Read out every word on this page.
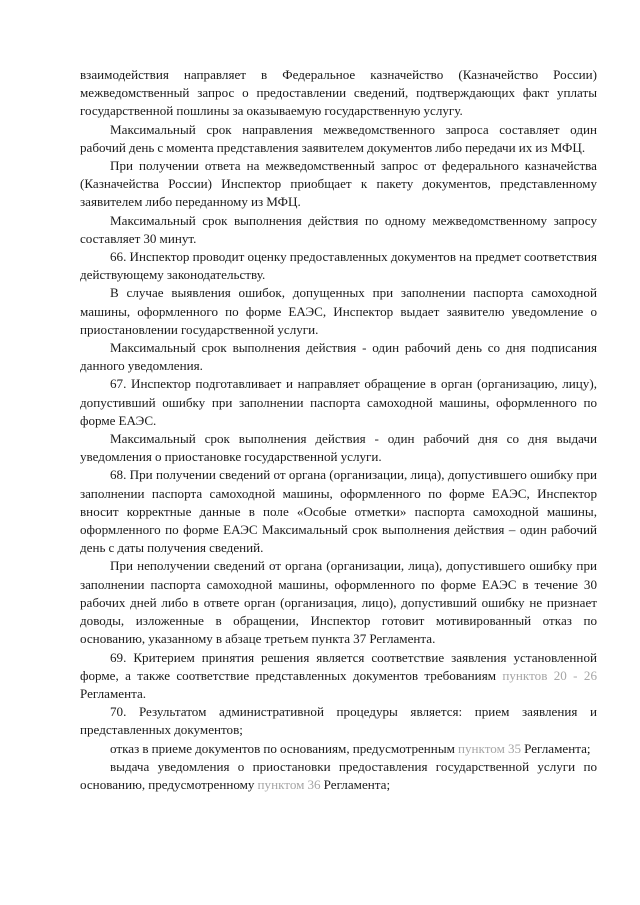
взаимодействия направляет в Федеральное казначейство (Казначейство России) межведомственный запрос о предоставлении сведений, подтверждающих факт уплаты государственной пошлины за оказываемую государственную услугу.

Максимальный срок направления межведомственного запроса составляет один рабочий день с момента представления заявителем документов либо передачи их из МФЦ.

При получении ответа на межведомственный запрос от федерального казначейства (Казначейства России) Инспектор приобщает к пакету документов, представленному заявителем либо переданному из МФЦ.

Максимальный срок выполнения действия по одному межведомственному запросу составляет 30 минут.

66. Инспектор проводит оценку предоставленных документов на предмет соответствия действующему законодательству.

В случае выявления ошибок, допущенных при заполнении паспорта самоходной машины, оформленного по форме ЕАЭС, Инспектор выдает заявителю уведомление о приостановлении государственной услуги.

Максимальный срок выполнения действия - один рабочий день со дня подписания данного уведомления.

67. Инспектор подготавливает и направляет обращение в орган (организацию, лицу), допустивший ошибку при заполнении паспорта самоходной машины, оформленного по форме ЕАЭС.

Максимальный срок выполнения действия - один рабочий дня со дня выдачи уведомления о приостановке государственной услуги.

68. При получении сведений от органа (организации, лица), допустившего ошибку при заполнении паспорта самоходной машины, оформленного по форме ЕАЭС, Инспектор вносит корректные данные в поле «Особые отметки» паспорта самоходной машины, оформленного по форме ЕАЭС Максимальный срок выполнения действия – один рабочий день с даты получения сведений.

При неполучении сведений от органа (организации, лица), допустившего ошибку при заполнении паспорта самоходной машины, оформленного по форме ЕАЭС в течение 30 рабочих дней либо в ответе орган (организация, лицо), допустивший ошибку не признает доводы, изложенные в обращении, Инспектор готовит мотивированный отказ по основанию, указанному в абзаце третьем пункта 37 Регламента.

69. Критерием принятия решения является соответствие заявления установленной форме, а также соответствие представленных документов требованиям пунктов 20 - 26 Регламента.

70. Результатом административной процедуры является: прием заявления и представленных документов;

отказ в приеме документов по основаниям, предусмотренным пунктом 35 Регламента;

выдача уведомления о приостановки предоставления государственной услуги по основанию, предусмотренному пунктом 36 Регламента;
